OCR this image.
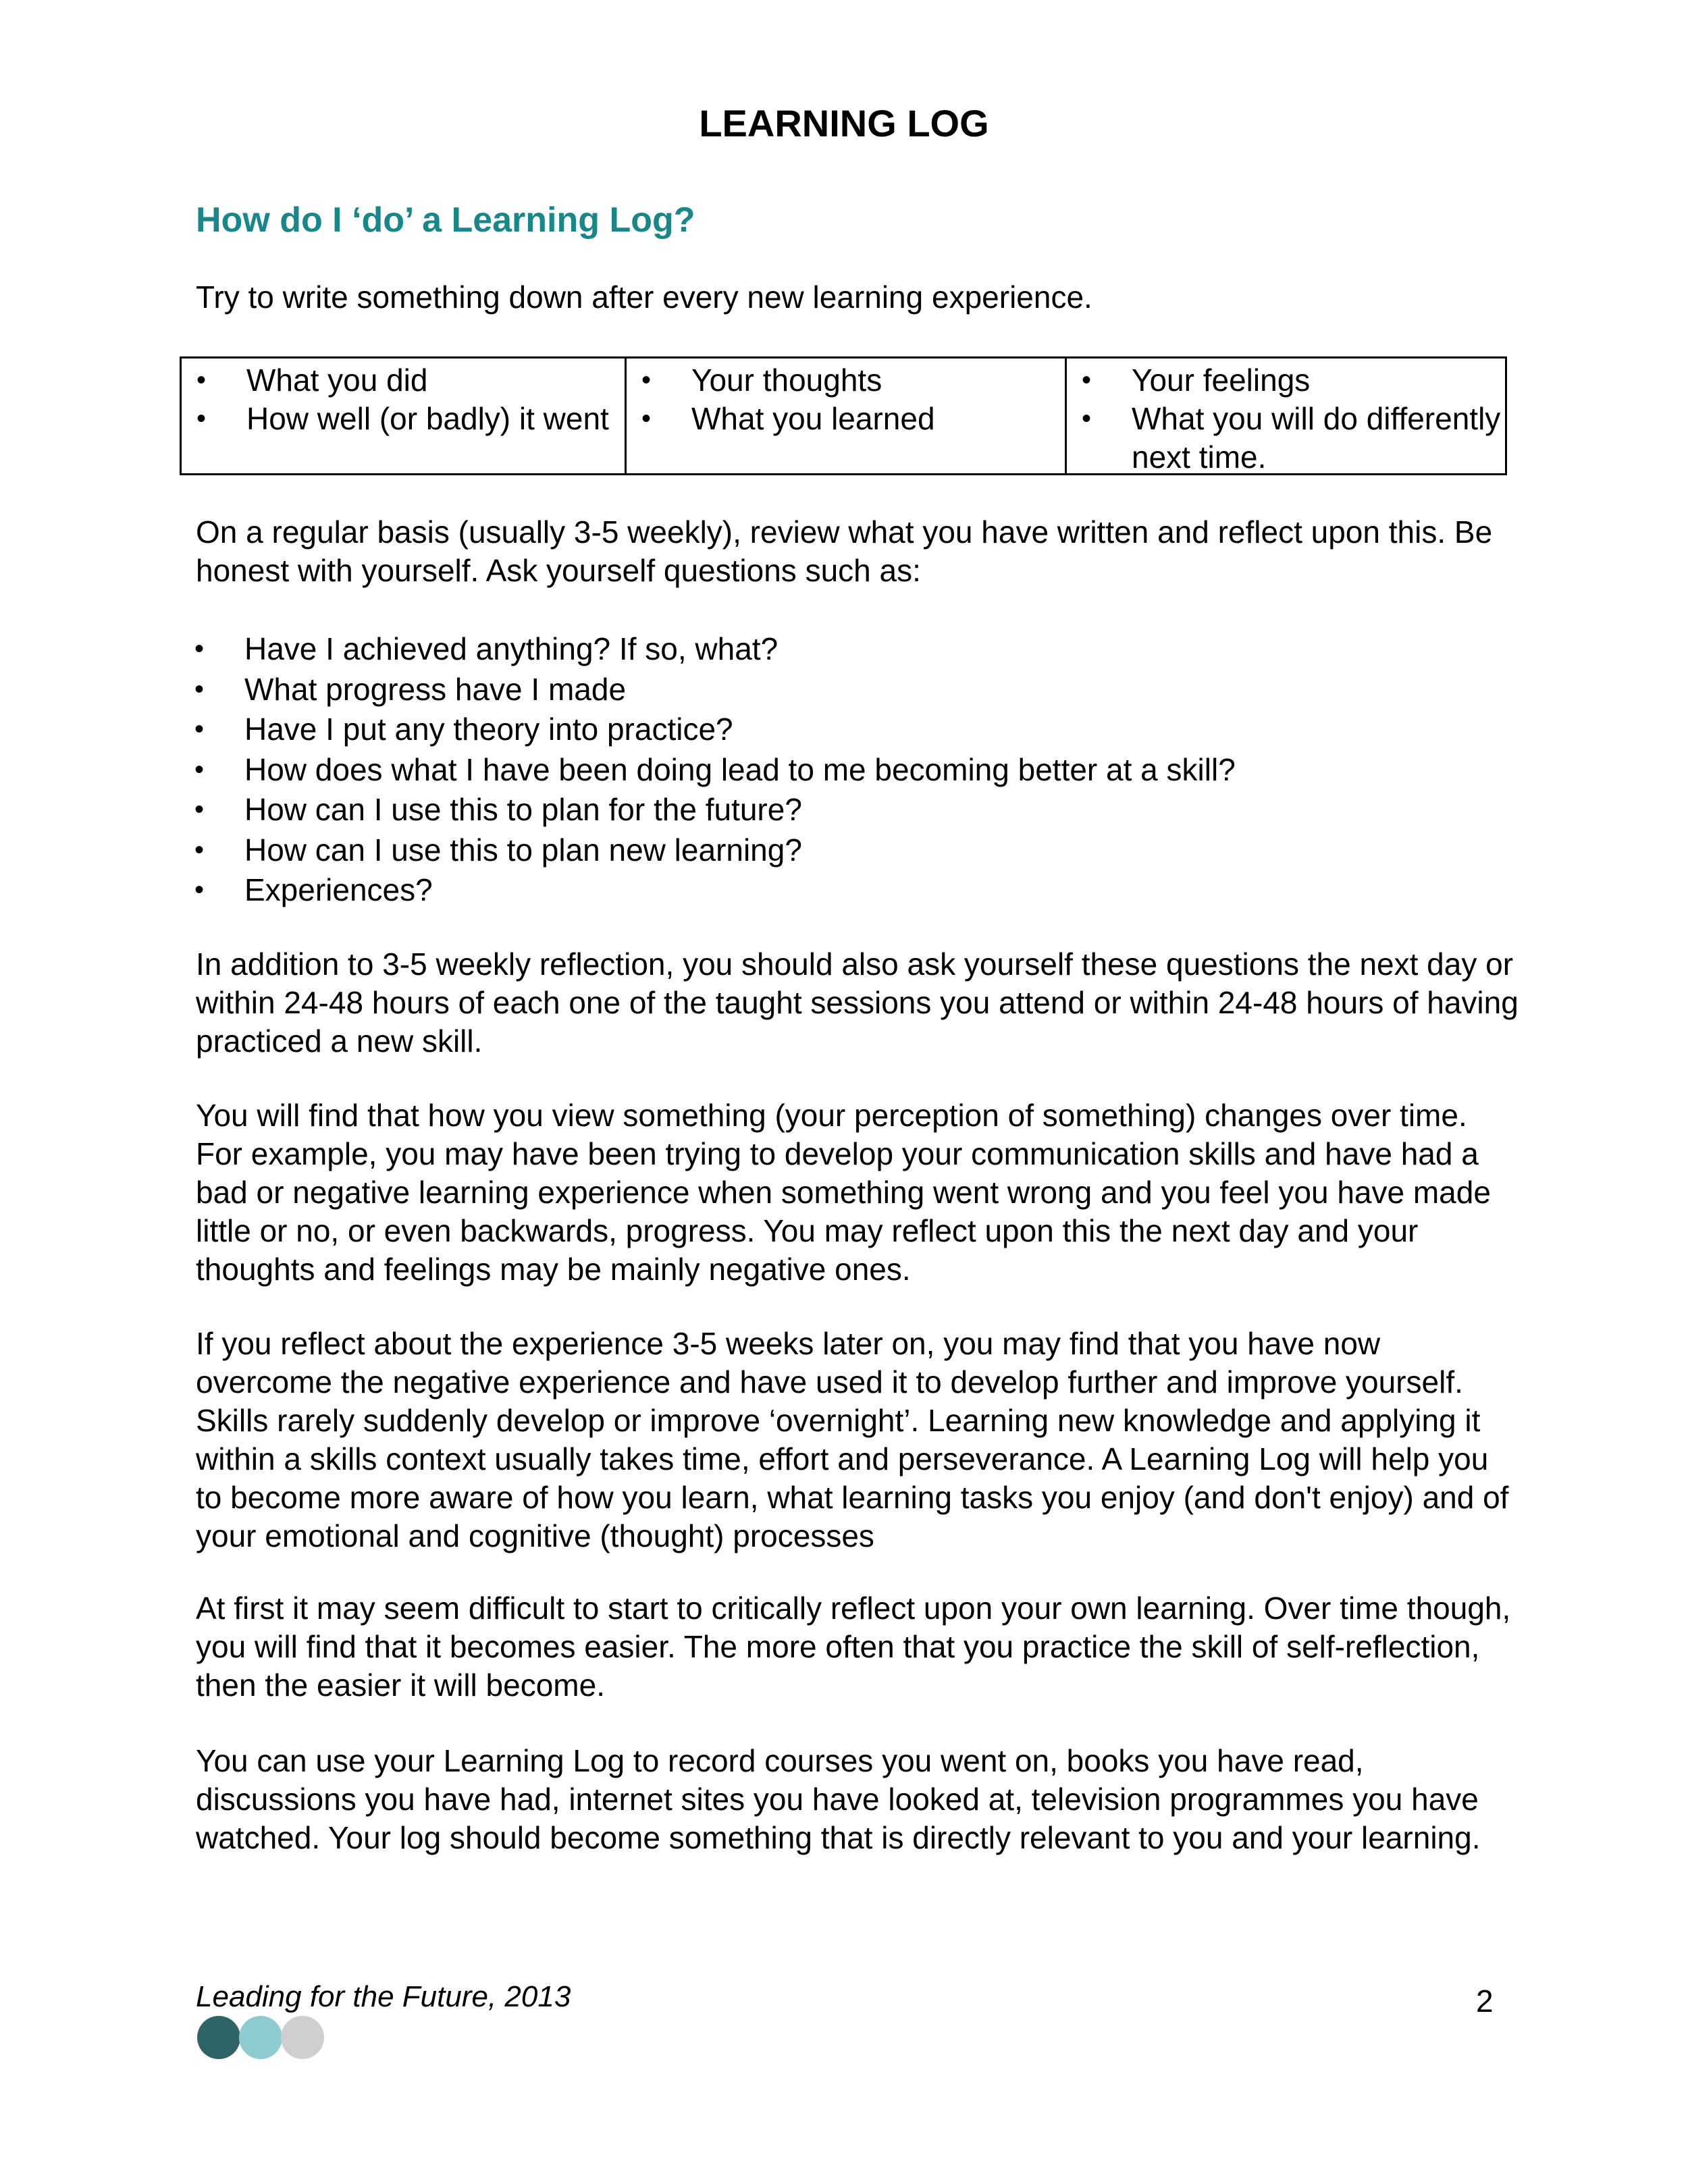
LEARNING LOG
How do I ‘do’ a Learning Log?

Try to write something down after every new learning experience.

• What you did
• How well (or badly) it went
• Your thoughts
• What you learned
• Your feelings
• What you will do differently next time.

On a regular basis (usually 3-5 weekly), review what you have written and reflect upon this. Be honest with yourself. Ask yourself questions such as:

• Have I achieved anything? If so, what?
• What progress have I made
• Have I put any theory into practice?
• How does what I have been doing lead to me becoming better at a skill?
• How can I use this to plan for the future?
• How can I use this to plan new learning?
• Experiences?

In addition to 3-5 weekly reflection, you should also ask yourself these questions the next day or within 24-48 hours of each one of the taught sessions you attend or within 24-48 hours of having practiced a new skill.

You will find that how you view something (your perception of something) changes over time. For example, you may have been trying to develop your communication skills and have had a bad or negative learning experience when something went wrong and you feel you have made little or no, or even backwards, progress. You may reflect upon this the next day and your thoughts and feelings may be mainly negative ones.

If you reflect about the experience 3-5 weeks later on, you may find that you have now overcome the negative experience and have used it to develop further and improve yourself. Skills rarely suddenly develop or improve ‘overnight’. Learning new knowledge and applying it within a skills context usually takes time, effort and perseverance. A Learning Log will help you to become more aware of how you learn, what learning tasks you enjoy (and don't enjoy) and of your emotional and cognitive (thought) processes

At first it may seem difficult to start to critically reflect upon your own learning. Over time though, you will find that it becomes easier. The more often that you practice the skill of self-reflection, then the easier it will become.

You can use your Learning Log to record courses you went on, books you have read, discussions you have had, internet sites you have looked at, television programmes you have watched. Your log should become something that is directly relevant to you and your learning.

Leading for the Future, 2013	2
